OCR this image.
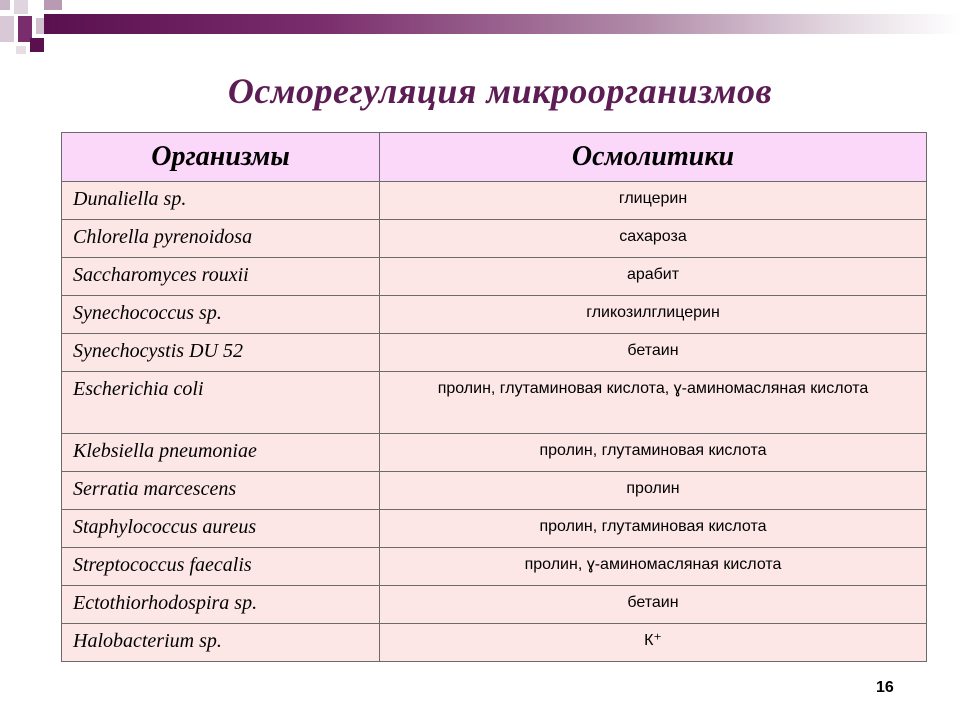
Осморегуляция микроорганизмов
Организмы	Осмолитики
Dunaliella sp.	глицерин
Chlorella pyrenoidosa	сахароза
Saccharomyces rouxii	арабит
Synechococcus sp.	гликозилглицерин
Synechocystis DU 52	бетаин
Escherichia coli	пролин, глутаминовая кислота, ɣ-аминомасляная кислота
Klebsiella pneumoniae	пролин, глутаминовая кислота
Serratia marcescens	пролин
Staphylococcus aureus	пролин, глутаминовая кислота
Streptococcus faecalis	пролин, ɣ-аминомасляная кислота
Ectothiorhodospira sp.	бетаин
Halobacterium sp.	К⁺
16
